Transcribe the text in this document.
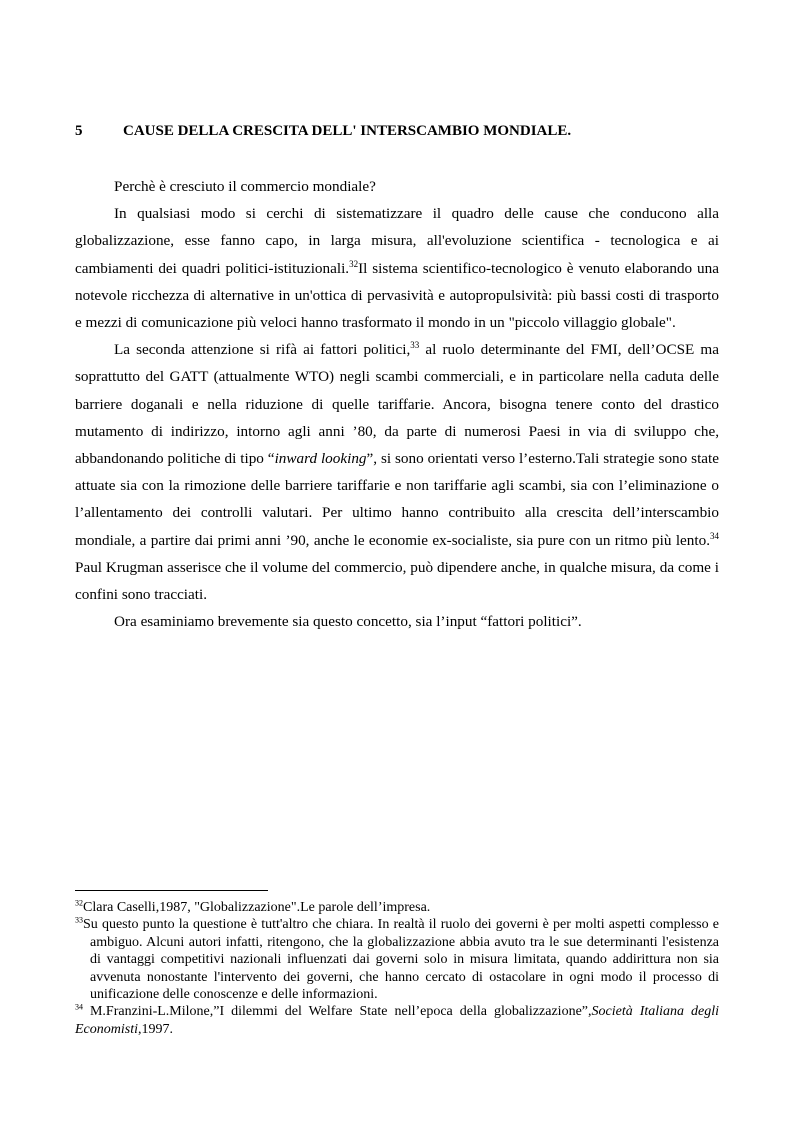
5	CAUSE DELLA CRESCITA DELL' INTERSCAMBIO MONDIALE.

Perchè è cresciuto il commercio mondiale?

In qualsiasi modo si cerchi di sistematizzare il quadro delle cause che conducono alla globalizzazione, esse fanno capo, in larga misura, all'evoluzione scientifica - tecnologica e ai cambiamenti dei quadri politici-istituzionali.$^{32}$Il sistema scientifico-tecnologico è venuto elaborando una notevole ricchezza di alternative in un'ottica di pervasività e autopropulsività: più bassi costi di trasporto e mezzi di comunicazione più veloci hanno trasformato il mondo in un "piccolo villaggio globale".

La seconda attenzione si rifà ai fattori politici,$^{33}$ al ruolo determinante del FMI, dell’OCSE ma soprattutto del GATT (attualmente WTO) negli scambi commerciali, e in particolare nella caduta delle barriere doganali e nella riduzione di quelle tariffarie. Ancora, bisogna tenere conto del drastico mutamento di indirizzo, intorno agli anni ’80, da parte di numerosi Paesi in via di sviluppo che, abbandonando politiche di tipo “inward looking”, si sono orientati verso l’esterno.Tali strategie sono state attuate sia con la rimozione delle barriere tariffarie e non tariffarie agli scambi, sia con l’eliminazione o l’allentamento dei controlli valutari. Per ultimo hanno contribuito alla crescita dell’interscambio mondiale, a partire dai primi anni ’90, anche le economie ex-socialiste, sia pure con un ritmo più lento.$^{34}$ Paul Krugman asserisce che il volume del commercio, può dipendere anche, in qualche misura, da come i confini sono tracciati.

Ora esaminiamo brevemente sia questo concetto, sia l’input “fattori politici”.

$^{32}$Clara Caselli,1987, "Globalizzazione".Le parole dell’impresa.

$^{33}$Su questo punto la questione è tutt'altro che chiara. In realtà il ruolo dei governi è per molti aspetti complesso e ambiguo. Alcuni autori infatti, ritengono, che la globalizzazione abbia avuto tra le sue determinanti l'esistenza di vantaggi competitivi nazionali influenzati dai governi solo in misura limitata, quando addirittura non sia avvenuta nonostante l'intervento dei governi, che hanno cercato di ostacolare in ogni modo il processo di unificazione delle conoscenze e delle informazioni.

$^{34}$ M.Franzini-L.Milone,”I dilemmi del Welfare State nell’epoca della globalizzazione”,Società Italiana degli Economisti,1997.
